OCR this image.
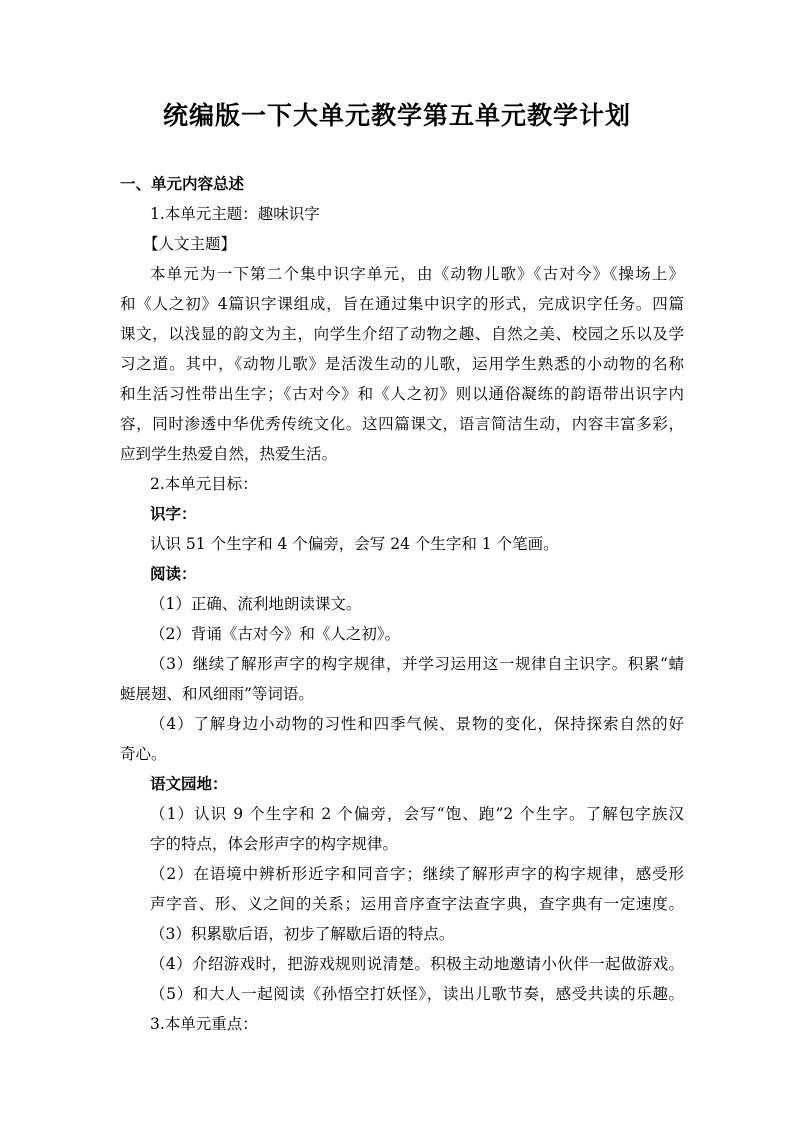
统编版一下大单元教学第五单元教学计划
一、单元内容总述
1.本单元主题：趣味识字
【人文主题】
本单元为一下第二个集中识字单元，由《动物儿歌》《古对今》《操场上》
和《人之初》4篇识字课组成，旨在通过集中识字的形式，完成识字任务。四篇
课文，以浅显的韵文为主，向学生介绍了动物之趣、自然之美、校园之乐以及学
习之道。其中，《动物儿歌》是活泼生动的儿歌，运用学生熟悉的小动物的名称
和生活习性带出生字；《古对今》和《人之初》则以通俗凝练的韵语带出识字内
容，同时渗透中华优秀传统文化。这四篇课文，语言简洁生动，内容丰富多彩，
应到学生热爱自然，热爱生活。
2.本单元目标：
识字：
认识 51 个生字和 4 个偏旁，会写 24 个生字和 1 个笔画。
阅读：
（1）正确、流利地朗读课文。
（2）背诵《古对今》和《人之初》。
（3）继续了解形声字的构字规律，并学习运用这一规律自主识字。积累“蜻
蜓展翅、和风细雨”等词语。
（4）了解身边小动物的习性和四季气候、景物的变化，保持探索自然的好
奇心。
语文园地：
（1）认识 9 个生字和 2 个偏旁，会写“饱、跑”2 个生字。了解包字族汉
字的特点，体会形声字的构字规律。
（2）在语境中辨析形近字和同音字；继续了解形声字的构字规律，感受形
声字音、形、义之间的关系；运用音序查字法查字典，查字典有一定速度。
（3）积累歇后语，初步了解歇后语的特点。
（4）介绍游戏时，把游戏规则说清楚。积极主动地邀请小伙伴一起做游戏。
（5）和大人一起阅读《孙悟空打妖怪》，读出儿歌节奏，感受共读的乐趣。
3.本单元重点：
